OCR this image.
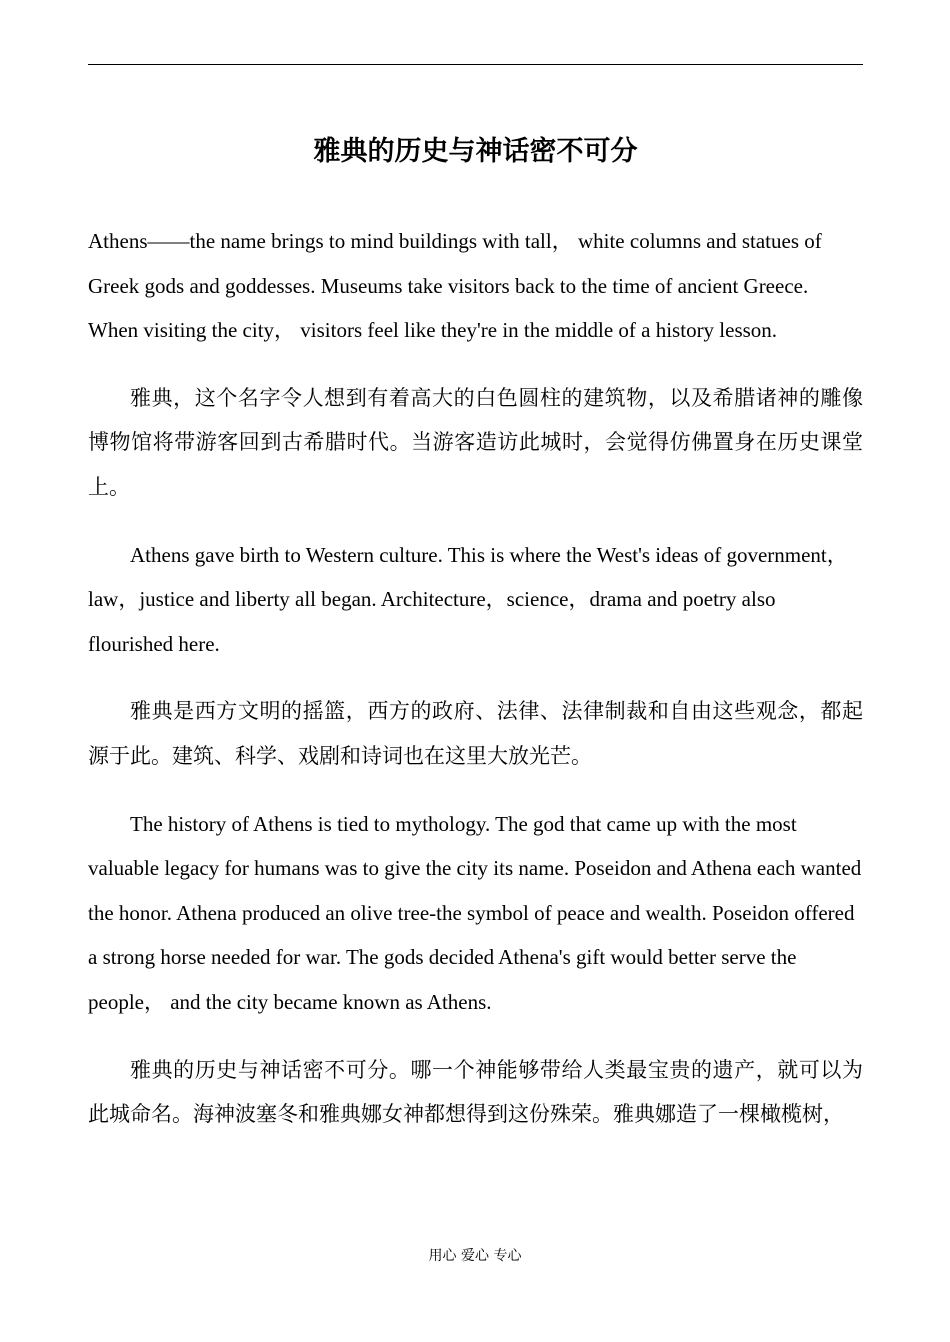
雅典的历史与神话密不可分

Athens——the name brings to mind buildings with tall， white columns and statues of Greek gods and goddesses. Museums take visitors back to the time of ancient Greece. When visiting the city， visitors feel like they're in the middle of a history lesson.

雅典，这个名字令人想到有着高大的白色圆柱的建筑物，以及希腊诸神的雕像博物馆将带游客回到古希腊时代。当游客造访此城时，会觉得仿佛置身在历史课堂上。

Athens gave birth to Western culture. This is where the West's ideas of government，law，justice and liberty all began. Architecture，science，drama and poetry also flourished here.

雅典是西方文明的摇篮，西方的政府、法律、法律制裁和自由这些观念，都起源于此。建筑、科学、戏剧和诗词也在这里大放光芒。

The history of Athens is tied to mythology. The god that came up with the most valuable legacy for humans was to give the city its name. Poseidon and Athena each wanted the honor. Athena produced an olive tree-the symbol of peace and wealth. Poseidon offered a strong horse needed for war. The gods decided Athena's gift would better serve the people， and the city became known as Athens.

雅典的历史与神话密不可分。哪一个神能够带给人类最宝贵的遗产，就可以为此城命名。海神波塞冬和雅典娜女神都想得到这份殊荣。雅典娜造了一棵橄榄树，

用心 爱心 专心
